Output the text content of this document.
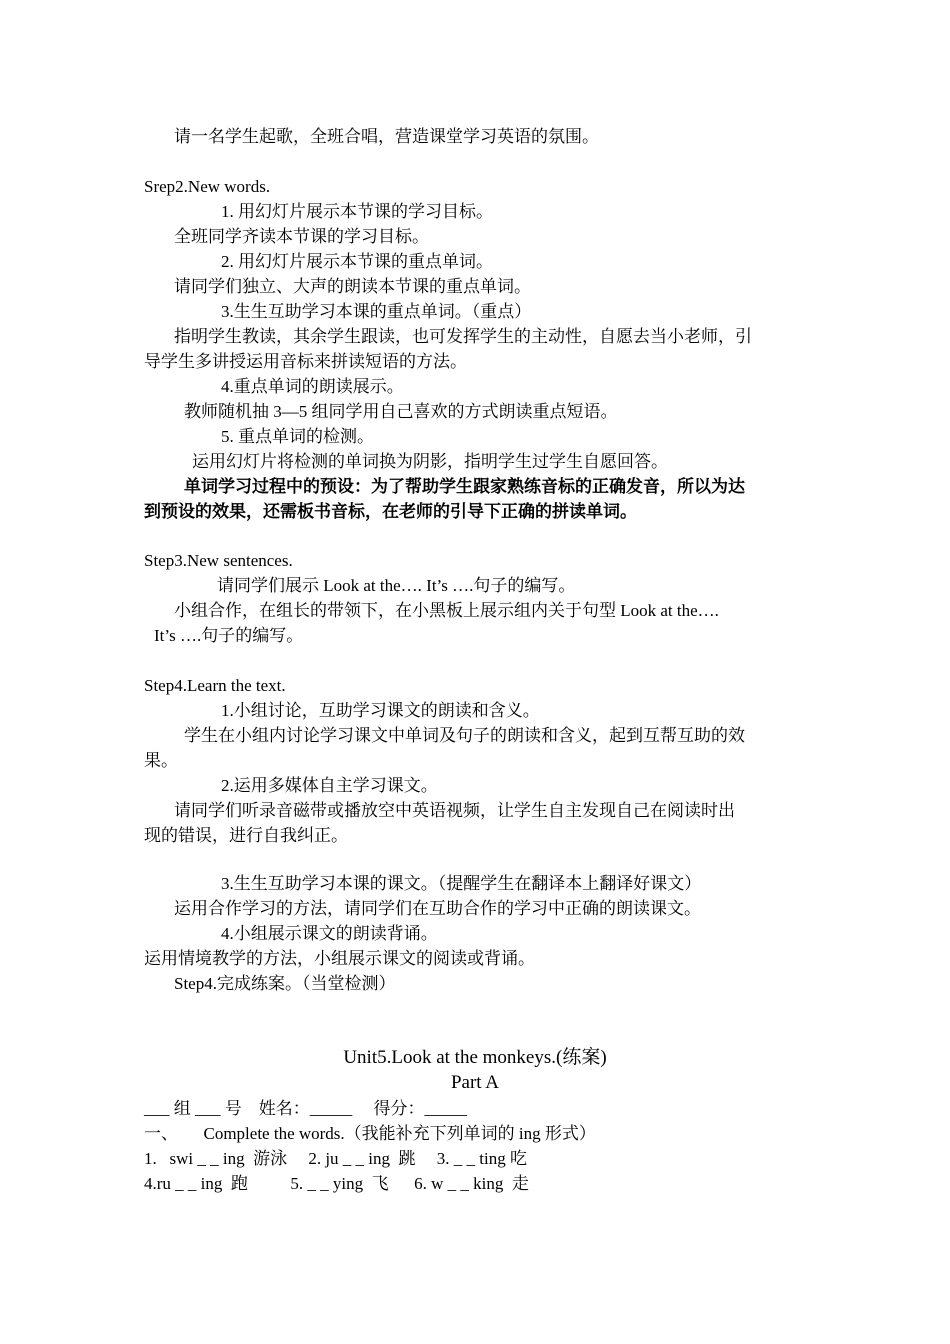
请一名学生起歌，全班合唱，营造课堂学习英语的氛围。
Srep2.New words.
1. 用幻灯片展示本节课的学习目标。
全班同学齐读本节课的学习目标。
2. 用幻灯片展示本节课的重点单词。
请同学们独立、大声的朗读本节课的重点单词。
3.生生互助学习本课的重点单词。（重点）
指明学生教读，其余学生跟读，也可发挥学生的主动性，自愿去当小老师，引
导学生多讲授运用音标来拼读短语的方法。
4.重点单词的朗读展示。
教师随机抽 3—5 组同学用自己喜欢的方式朗读重点短语。
5. 重点单词的检测。
运用幻灯片将检测的单词换为阴影，指明学生过学生自愿回答。
单词学习过程中的预设：为了帮助学生跟家熟练音标的正确发音，所以为达
到预设的效果，还需板书音标，在老师的引导下正确的拼读单词。
Step3.New sentences.
请同学们展示 Look at the…. It’s ….句子的编写。
小组合作，在组长的带领下，在小黑板上展示组内关于句型 Look at the….
It’s ….句子的编写。
Step4.Learn the text.
1.小组讨论，互助学习课文的朗读和含义。
学生在小组内讨论学习课文中单词及句子的朗读和含义，起到互帮互助的效
果。
2.运用多媒体自主学习课文。
请同学们听录音磁带或播放空中英语视频，让学生自主发现自己在阅读时出
现的错误，进行自我纠正。
3.生生互助学习本课的课文。（提醒学生在翻译本上翻译好课文）
运用合作学习的方法，请同学们在互助合作的学习中正确的朗读课文。
4.小组展示课文的朗读背诵。
运用情境教学的方法，小组展示课文的阅读或背诵。
Step4.完成练案。（当堂检测）
Unit5.Look at the monkeys.(练案)
Part A
___ 组 ___ 号    姓名：_____     得分：_____
一、      Complete the words.（我能补充下列单词的 ing 形式）
1.   swi _ _ ing  游泳     2. ju _ _ ing  跳     3. _ _ ting 吃
4.ru _ _ ing  跑          5. _ _ ying  飞      6. w _ _ king  走
